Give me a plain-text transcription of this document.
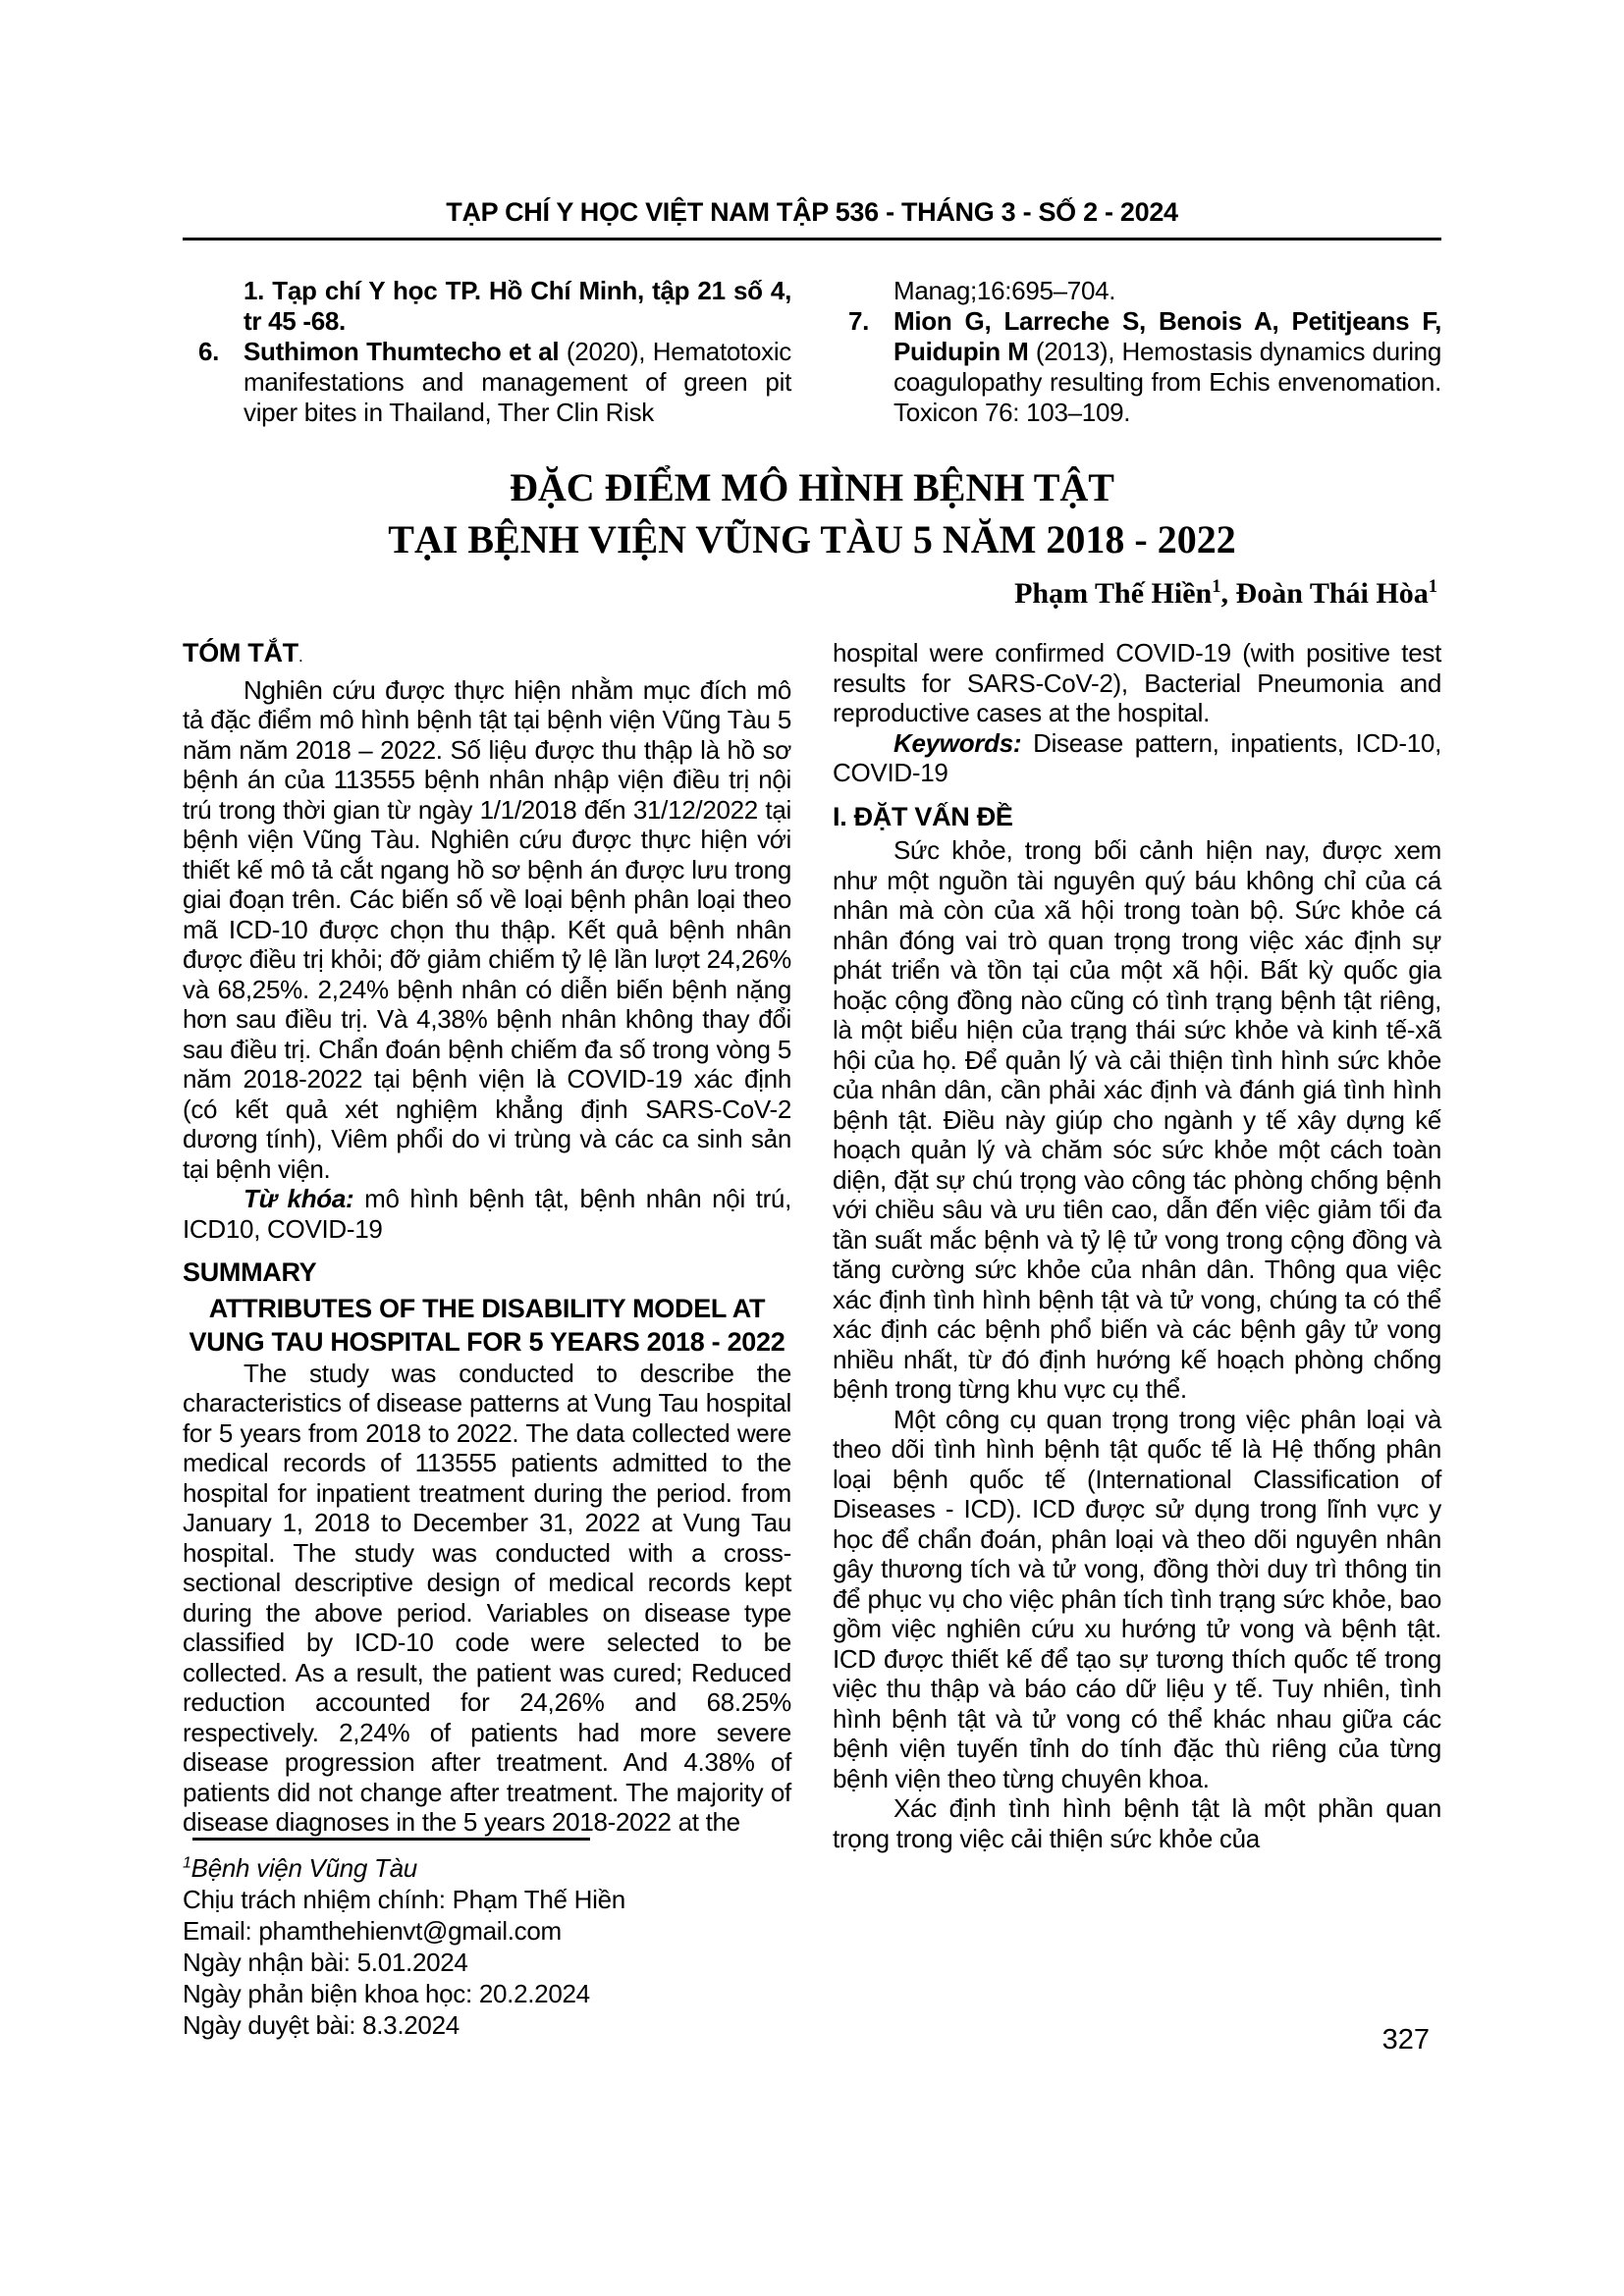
TẠP CHÍ Y HỌC VIỆT NAM TẬP 536 - THÁNG 3 - SỐ 2 - 2024
1. Tạp chí Y học TP. Hồ Chí Minh, tập 21 số 4, tr 45 -68.
6. Suthimon Thumtecho et al (2020), Hematotoxic manifestations and management of green pit viper bites in Thailand, Ther Clin Risk
Manag;16:695–704.
7. Mion G, Larreche S, Benois A, Petitjeans F, Puidupin M (2013), Hemostasis dynamics during coagulopathy resulting from Echis envenomation. Toxicon 76: 103–109.
ĐẶC ĐIỂM MÔ HÌNH BỆNH TẬT
TẠI BỆNH VIỆN VŨNG TÀU 5 NĂM 2018 - 2022
Phạm Thế Hiền$^1$, Đoàn Thái Hòa$^1$
TÓM TẮT.

Nghiên cứu được thực hiện nhằm mục đích mô tả đặc điểm mô hình bệnh tật tại bệnh viện Vũng Tàu 5 năm năm 2018 – 2022. Số liệu được thu thập là hồ sơ bệnh án của 113555 bệnh nhân nhập viện điều trị nội trú trong thời gian từ ngày 1/1/2018 đến 31/12/2022 tại bệnh viện Vũng Tàu. Nghiên cứu được thực hiện với thiết kế mô tả cắt ngang hồ sơ bệnh án được lưu trong giai đoạn trên. Các biến số về loại bệnh phân loại theo mã ICD-10 được chọn thu thập. Kết quả bệnh nhân được điều trị khỏi; đỡ giảm chiếm tỷ lệ lần lượt 24,26% và 68,25%. 2,24% bệnh nhân có diễn biến bệnh nặng hơn sau điều trị. Và 4,38% bệnh nhân không thay đổi sau điều trị. Chẩn đoán bệnh chiếm đa số trong vòng 5 năm 2018-2022 tại bệnh viện là COVID-19 xác định (có kết quả xét nghiệm khẳng định SARS-CoV-2 dương tính), Viêm phổi do vi trùng và các ca sinh sản tại bệnh viện.

Từ khóa: mô hình bệnh tật, bệnh nhân nội trú, ICD10, COVID-19

SUMMARY

ATTRIBUTES OF THE DISABILITY MODEL AT VUNG TAU HOSPITAL FOR 5 YEARS 2018 - 2022

The study was conducted to describe the characteristics of disease patterns at Vung Tau hospital for 5 years from 2018 to 2022. The data collected were medical records of 113555 patients admitted to the hospital for inpatient treatment during the period. from January 1, 2018 to December 31, 2022 at Vung Tau hospital. The study was conducted with a cross-sectional descriptive design of medical records kept during the above period. Variables on disease type classified by ICD-10 code were selected to be collected. As a result, the patient was cured; Reduced reduction accounted for 24,26% and 68.25% respectively. 2,24% of patients had more severe disease progression after treatment. And 4.38% of patients did not change after treatment. The majority of disease diagnoses in the 5 years 2018-2022 at the

$^1$Bệnh viện Vũng Tàu
Chịu trách nhiệm chính: Phạm Thế Hiền
Email: phamthehienvt@gmail.com
Ngày nhận bài: 5.01.2024
Ngày phản biện khoa học: 20.2.2024
Ngày duyệt bài: 8.3.2024

hospital were confirmed COVID-19 (with positive test results for SARS-CoV-2), Bacterial Pneumonia and reproductive cases at the hospital.

Keywords: Disease pattern, inpatients, ICD-10, COVID-19

I. ĐẶT VẤN ĐỀ

Sức khỏe, trong bối cảnh hiện nay, được xem như một nguồn tài nguyên quý báu không chỉ của cá nhân mà còn của xã hội trong toàn bộ. Sức khỏe cá nhân đóng vai trò quan trọng trong việc xác định sự phát triển và tồn tại của một xã hội. Bất kỳ quốc gia hoặc cộng đồng nào cũng có tình trạng bệnh tật riêng, là một biểu hiện của trạng thái sức khỏe và kinh tế-xã hội của họ. Để quản lý và cải thiện tình hình sức khỏe của nhân dân, cần phải xác định và đánh giá tình hình bệnh tật. Điều này giúp cho ngành y tế xây dựng kế hoạch quản lý và chăm sóc sức khỏe một cách toàn diện, đặt sự chú trọng vào công tác phòng chống bệnh với chiều sâu và ưu tiên cao, dẫn đến việc giảm tối đa tần suất mắc bệnh và tỷ lệ tử vong trong cộng đồng và tăng cường sức khỏe của nhân dân. Thông qua việc xác định tình hình bệnh tật và tử vong, chúng ta có thể xác định các bệnh phổ biến và các bệnh gây tử vong nhiều nhất, từ đó định hướng kế hoạch phòng chống bệnh trong từng khu vực cụ thể.

Một công cụ quan trọng trong việc phân loại và theo dõi tình hình bệnh tật quốc tế là Hệ thống phân loại bệnh quốc tế (International Classification of Diseases - ICD). ICD được sử dụng trong lĩnh vực y học để chẩn đoán, phân loại và theo dõi nguyên nhân gây thương tích và tử vong, đồng thời duy trì thông tin để phục vụ cho việc phân tích tình trạng sức khỏe, bao gồm việc nghiên cứu xu hướng tử vong và bệnh tật. ICD được thiết kế để tạo sự tương thích quốc tế trong việc thu thập và báo cáo dữ liệu y tế. Tuy nhiên, tình hình bệnh tật và tử vong có thể khác nhau giữa các bệnh viện tuyến tỉnh do tính đặc thù riêng của từng bệnh viện theo từng chuyên khoa.

Xác định tình hình bệnh tật là một phần quan trọng trong việc cải thiện sức khỏe của

327
